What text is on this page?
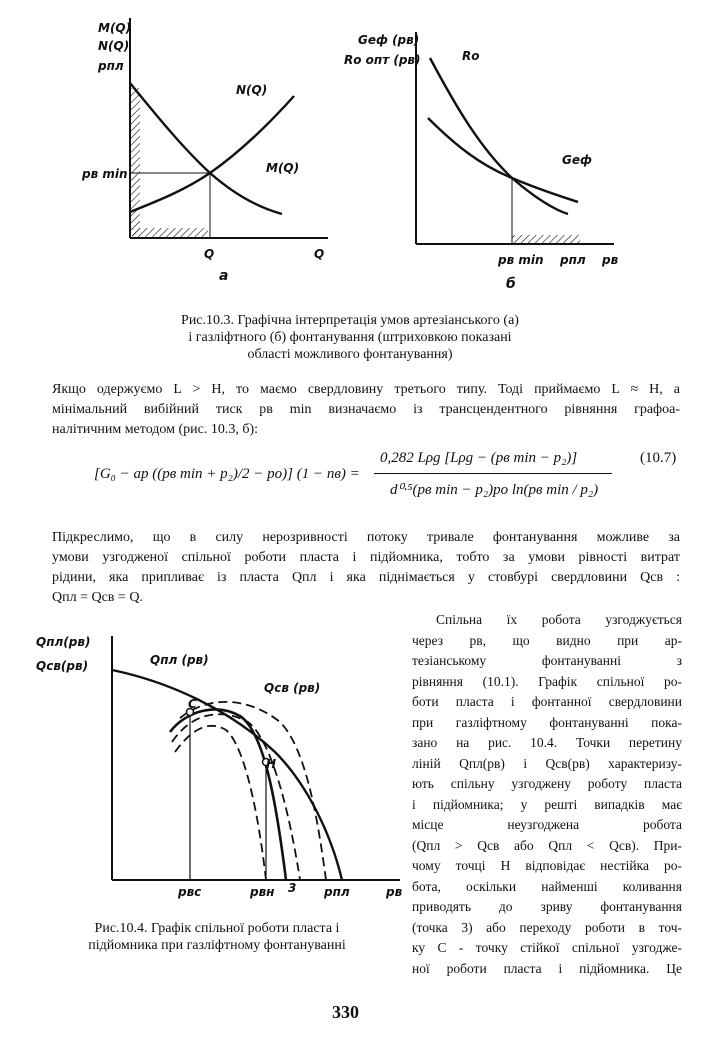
M(Q)
N(Q)
pпл
pв min
N(Q)
M(Q)
Q	Q
а
Gеф (pв)
Rо опт (pв)	Rо
Gеф
pв min pпл pв
б
Рис.10.3. Графічна інтерпретація умов артезіанського (а)
і газліфтного (б) фонтанування (штриховкою показані
області можливого фонтанування)
Якщо одержуємо L > H, то маємо свердловину третього типу. Тоді приймаємо L ≈ H, а
мінімальний вибійний тиск pв min визначаємо із трансцендентного рівняння графоа-
налітичним методом (рис. 10.3, б):
[G₀ − aр ((pв min + p₂)/2 − pо)] (1 − nв) =
0,282 Lρg [Lρg − (pв min − p₂)]
d⁰·⁵(pв min − p₂)pо ln(pв min / p₂)
(10.7)
Підкреслимо, що в силу нерозривності потоку тривале фонтанування можливе за
умови узгодженої спільної роботи пласта і підйомника, тобто за умови рівності витрат
рідини, яка припливає із пласта Qпл і яка піднімається у стовбурі свердловини Qсв :
Qпл = Qсв = Q.
Qпл(pв)
Qсв(pв)	Qпл (pв)
Qсв (pв)
C
H
pвс	pвн 3 pпл	pв
Рис.10.4. Графік спільної роботи пласта і
підйомника при газліфтному фонтануванні
Спільна їх робота узгоджується
через pв, що видно при ар-
тезіанському фонтануванні з
рівняння (10.1). Графік спільної ро-
боти пласта і фонтанної свердловини
при газліфтному фонтануванні пока-
зано на рис. 10.4. Точки перетину
ліній Qпл(pв) і Qсв(pв) характеризу-
ють спільну узгоджену роботу пласта
і підйомника; у решті випадків має
місце неузгоджена робота
(Qпл > Qсв або Qпл < Qсв). При-
чому точці H відповідає нестійка ро-
бота, оскільки найменші коливання
приводять до зриву фонтанування
(точка 3) або переходу роботи в точ-
ку C - точку стійкої спільної узгодже-
ної роботи пласта і підйомника. Це
330
